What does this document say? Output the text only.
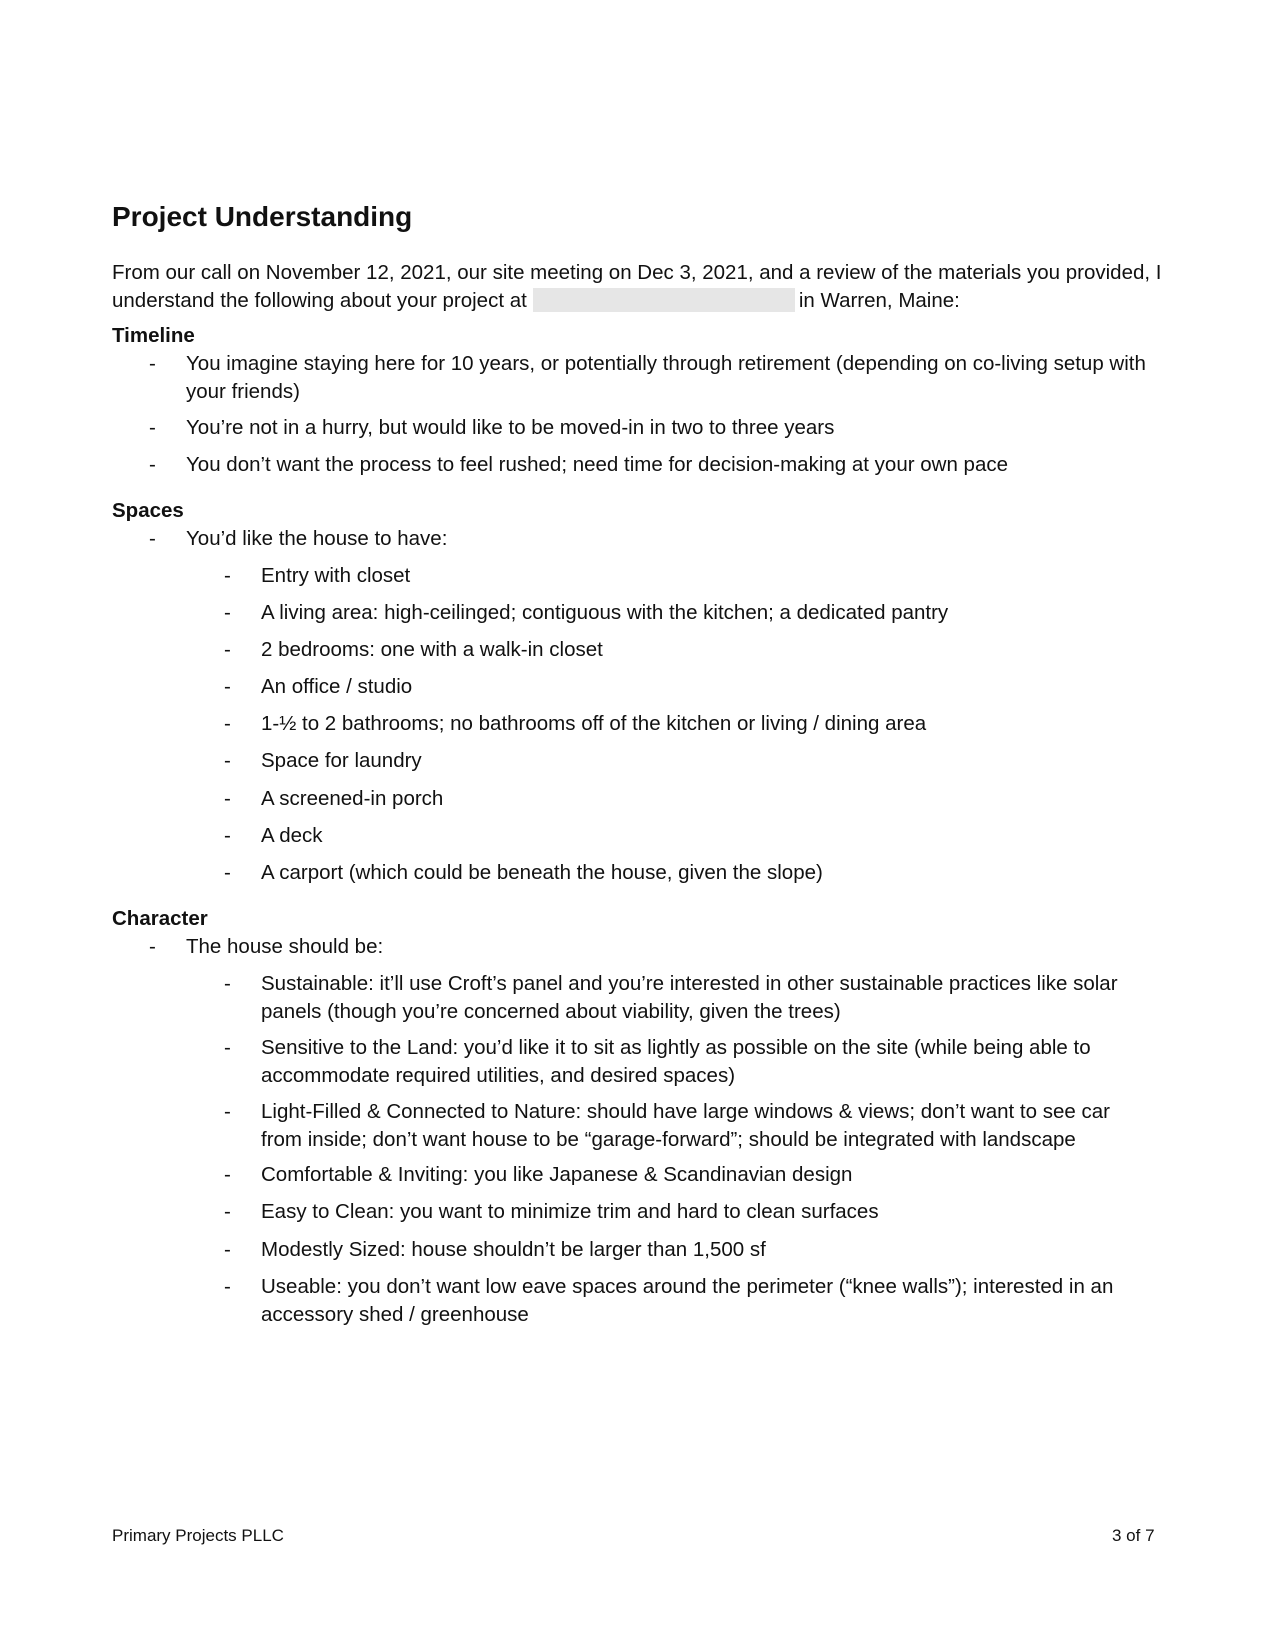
Project Understanding

From our call on November 12, 2021, our site meeting on Dec 3, 2021, and a review of the materials you provided, I understand the following about your project at	in Warren, Maine:

Timeline
- You imagine staying here for 10 years, or potentially through retirement (depending on co-living setup with your friends)
- You’re not in a hurry, but would like to be moved-in in two to three years
- You don’t want the process to feel rushed; need time for decision-making at your own pace
Spaces
- You’d like the house to have:
- Entry with closet
- A living area: high-ceilinged; contiguous with the kitchen; a dedicated pantry
- 2 bedrooms: one with a walk-in closet
- An office / studio
- 1-½ to 2 bathrooms; no bathrooms off of the kitchen or living / dining area
- Space for laundry
- A screened-in porch
- A deck
- A carport (which could be beneath the house, given the slope)
Character
- The house should be:
- Sustainable: it’ll use Croft’s panel and you’re interested in other sustainable practices like solar panels (though you’re concerned about viability, given the trees)
- Sensitive to the Land: you’d like it to sit as lightly as possible on the site (while being able to accommodate required utilities, and desired spaces)
- Light-Filled & Connected to Nature: should have large windows & views; don’t want to see car from inside; don’t want house to be “garage-forward”; should be integrated with landscape
- Comfortable & Inviting: you like Japanese & Scandinavian design
- Easy to Clean: you want to minimize trim and hard to clean surfaces
- Modestly Sized: house shouldn’t be larger than 1,500 sf
- Useable: you don’t want low eave spaces around the perimeter (“knee walls”); interested in an accessory shed / greenhouse
Primary Projects PLLC	3 of 7
